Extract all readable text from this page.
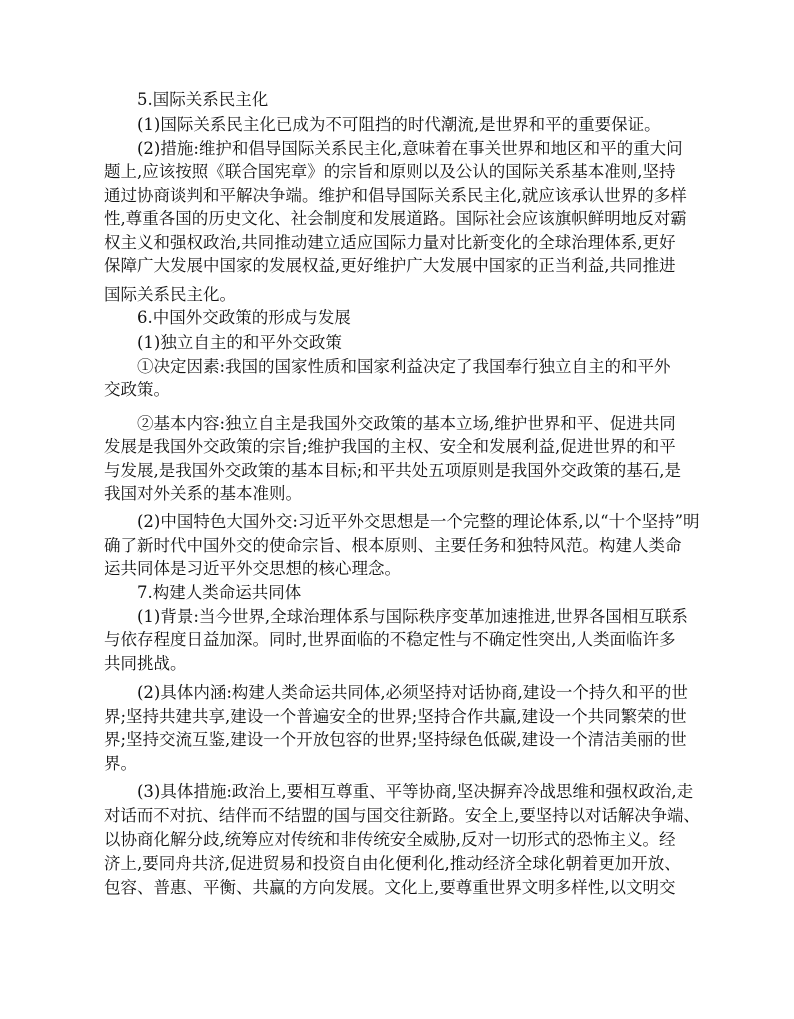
5.国际关系民主化
(1)国际关系民主化已成为不可阻挡的时代潮流,是世界和平的重要保证。
(2)措施:维护和倡导国际关系民主化,意味着在事关世界和地区和平的重大问
题上,应该按照《联合国宪章》的宗旨和原则以及公认的国际关系基本准则,坚持
通过协商谈判和平解决争端。维护和倡导国际关系民主化,就应该承认世界的多样
性,尊重各国的历史文化、社会制度和发展道路。国际社会应该旗帜鲜明地反对霸
权主义和强权政治,共同推动建立适应国际力量对比新变化的全球治理体系,更好
保障广大发展中国家的发展权益,更好维护广大发展中国家的正当利益,共同推进
国际关系民主化。
6.中国外交政策的形成与发展
(1)独立自主的和平外交政策
①决定因素:我国的国家性质和国家利益决定了我国奉行独立自主的和平外
交政策。
②基本内容:独立自主是我国外交政策的基本立场,维护世界和平、促进共同
发展是我国外交政策的宗旨;维护我国的主权、安全和发展利益,促进世界的和平
与发展,是我国外交政策的基本目标;和平共处五项原则是我国外交政策的基石,是
我国对外关系的基本准则。
(2)中国特色大国外交:习近平外交思想是一个完整的理论体系,以“十个坚持”明
确了新时代中国外交的使命宗旨、根本原则、主要任务和独特风范。构建人类命
运共同体是习近平外交思想的核心理念。
7.构建人类命运共同体
(1)背景:当今世界,全球治理体系与国际秩序变革加速推进,世界各国相互联系
与依存程度日益加深。同时,世界面临的不稳定性与不确定性突出,人类面临许多
共同挑战。
(2)具体内涵:构建人类命运共同体,必须坚持对话协商,建设一个持久和平的世
界;坚持共建共享,建设一个普遍安全的世界;坚持合作共赢,建设一个共同繁荣的世
界;坚持交流互鉴,建设一个开放包容的世界;坚持绿色低碳,建设一个清洁美丽的世
界。
(3)具体措施:政治上,要相互尊重、平等协商,坚决摒弃冷战思维和强权政治,走
对话而不对抗、结伴而不结盟的国与国交往新路。安全上,要坚持以对话解决争端、
以协商化解分歧,统筹应对传统和非传统安全威胁,反对一切形式的恐怖主义。经
济上,要同舟共济,促进贸易和投资自由化便利化,推动经济全球化朝着更加开放、
包容、普惠、平衡、共赢的方向发展。文化上,要尊重世界文明多样性,以文明交
